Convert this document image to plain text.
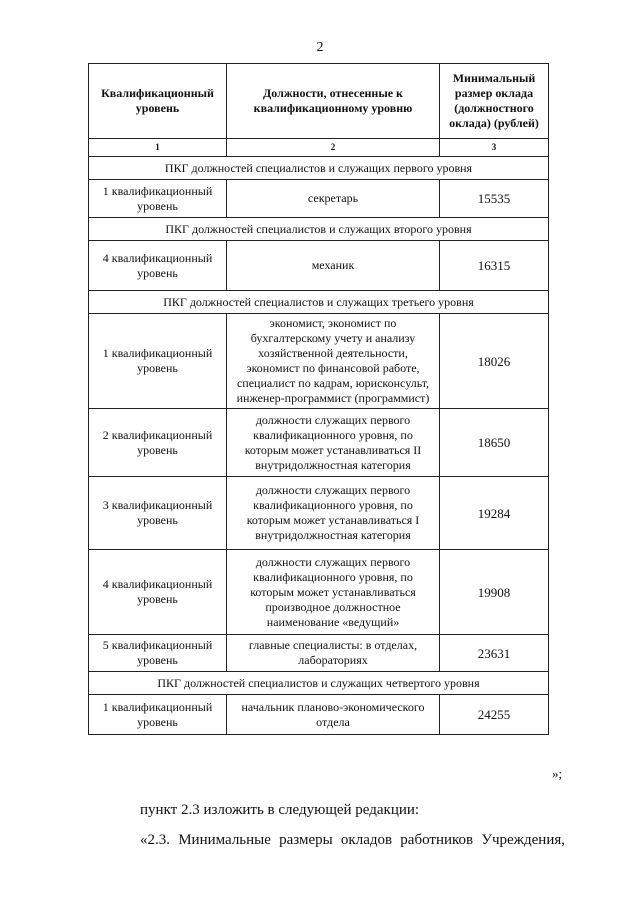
2
Квалификационный уровень	Должности, отнесенные к квалификационному уровню	Минимальный размер оклада (должностного оклада) (рублей)
1	2	3
ПКГ должностей специалистов и служащих первого уровня		
1 квалификационный уровень	секретарь	15535
ПКГ должностей специалистов и служащих второго уровня		
4 квалификационный уровень	механик	16315
ПКГ должностей специалистов и служащих третьего уровня		
1 квалификационный уровень	экономист, экономист по бухгалтерскому учету и анализу хозяйственной деятельности, экономист по финансовой работе, специалист по кадрам, юрисконсульт, инженер-программист (программист)	18026
2 квалификационный уровень	должности служащих первого квалификационного уровня, по которым может устанавливаться II внутридолжностная категория	18650
3 квалификационный уровень	должности служащих первого квалификационного уровня, по которым может устанавливаться I внутридолжностная категория	19284
4 квалификационный уровень	должности служащих первого квалификационного уровня, по которым может устанавливаться производное должностное наименование «ведущий»	19908
5 квалификационный уровень	главные специалисты: в отделах, лабораториях	23631
ПКГ должностей специалистов и служащих четвертого уровня		
1 квалификационный уровень	начальник планово-экономического отдела	24255
»;
пункт 2.3 изложить в следующей редакции:
«2.3. Минимальные размеры окладов работников Учреждения,
